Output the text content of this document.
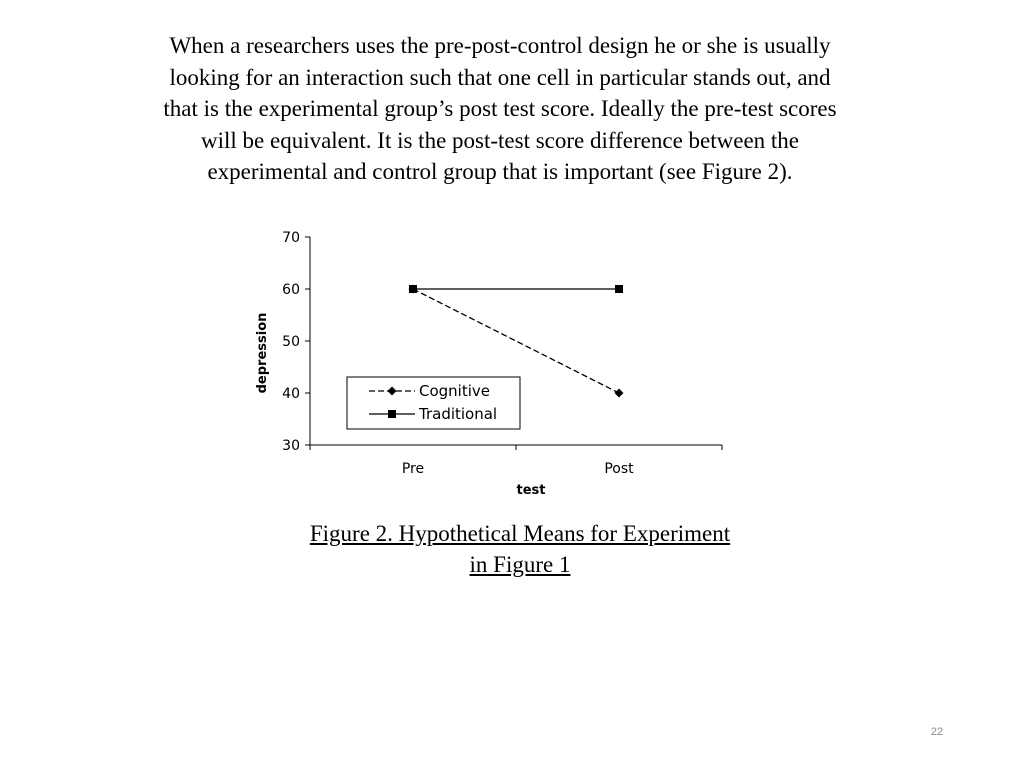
When a researchers uses the pre-post-control design he or she is usually
looking for an interaction such that one cell in particular stands out, and
that is the experimental group’s post test score. Ideally the pre-test scores
will be equivalent. It is the post-test score difference between the
experimental and control group that is important (see Figure 2).
70
60
50
40
30
Pre	Post
test
depression	Cognitive
Traditional
Figure 2. Hypothetical Means for Experiment
in Figure 1
22
